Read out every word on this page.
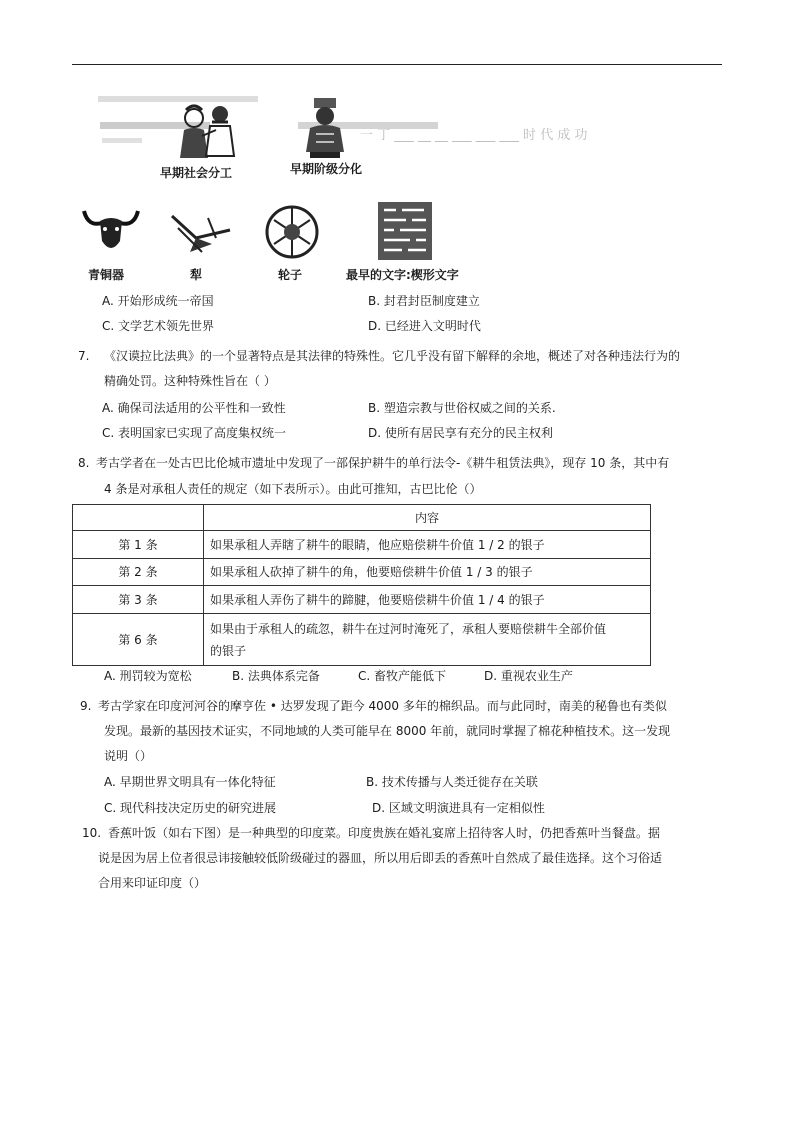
早期社会分工	早期阶级分化
一 丁 ___ __ __ ___ ___ ___ 时 代 成 功
青铜器	犁	轮子	最早的文字:楔形文字
A. 开始形成统一帝国	B. 封君封臣制度建立
C. 文学艺术领先世界	D. 已经进入文明时代
7. 《汉谟拉比法典》的一个显著特点是其法律的特殊性。它几乎没有留下解释的余地，概述了对各种违法行为的
精确处罚。这种特殊性旨在（ ）
A. 确保司法适用的公平性和一致性	B. 塑造宗教与世俗权威之间的关系.
C. 表明国家已实现了高度集权统一	D. 使所有居民享有充分的民主权利
8. 考古学者在一处古巴比伦城市遗址中发现了一部保护耕牛的单行法令-《耕牛租赁法典》，现存 10 条，其中有
4 条是对承租人责任的规定（如下表所示）。由此可推知，古巴比伦（）
	内容
第 1 条	如果承租人弄瞎了耕牛的眼睛，他应赔偿耕牛价值 1 / 2 的银子
第 2 条	如果承租人砍掉了耕牛的角，他要赔偿耕牛价值 1 / 3 的银子
第 3 条	如果承租人弄伤了耕牛的蹄腱，他要赔偿耕牛价值 1 / 4 的银子
第 6 条	如果由于承租人的疏忽，耕牛在过河时淹死了，承租人要赔偿耕牛全部价值
的银子
A. 刑罚较为宽松	B. 法典体系完备	C. 畜牧产能低下	D. 重视农业生产
9. 考古学家在印度河河谷的摩亨佐 • 达罗发现了距今 4000 多年的棉织品。而与此同时，南美的秘鲁也有类似
发现。最新的基因技术证实，不同地域的人类可能早在 8000 年前，就同时掌握了棉花种植技术。这一发现
说明（）
A. 早期世界文明具有一体化特征	B. 技术传播与人类迁徙存在关联
C. 现代科技决定历史的研究进展	D. 区域文明演进具有一定相似性
10. 香蕉叶饭（如右下图）是一种典型的印度菜。印度贵族在婚礼宴席上招待客人时，仍把香蕉叶当餐盘。据
说是因为居上位者很忌讳接触较低阶级碰过的器皿，所以用后即丢的香蕉叶自然成了最佳选择。这个习俗适
合用来印证印度（）
